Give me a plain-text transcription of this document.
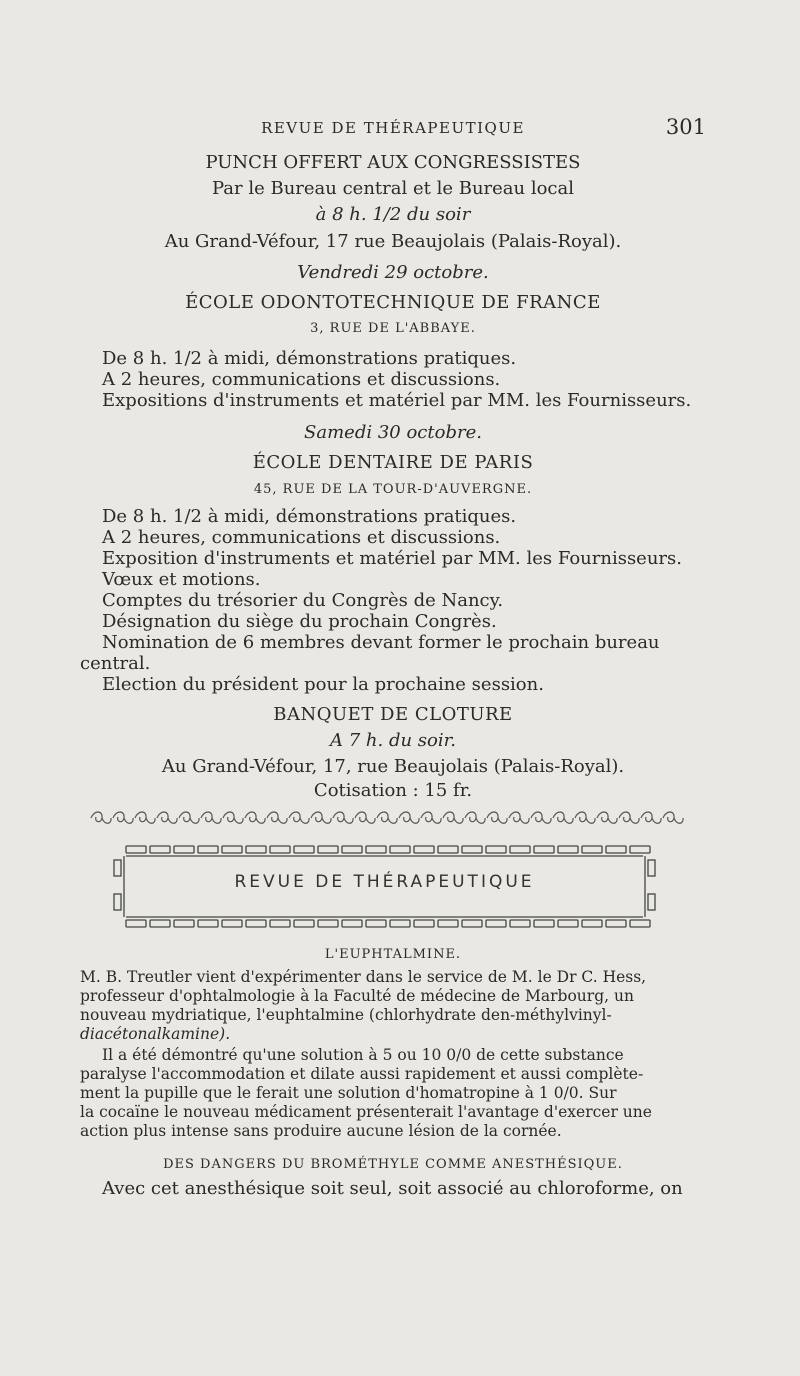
REVUE DE THÉRAPEUTIQUE	301
PUNCH OFFERT AUX CONGRESSISTES
Par le Bureau central et le Bureau local
à 8 h. 1/2 du soir
Au Grand-Véfour, 17 rue Beaujolais (Palais-Royal).
Vendredi 29 octobre.
ÉCOLE ODONTOTECHNIQUE DE FRANCE
3, RUE DE L'ABBAYE.
De 8 h. 1/2 à midi, démonstrations pratiques.
A 2 heures, communications et discussions.
Expositions d'instruments et matériel par MM. les Fournisseurs.
Samedi 30 octobre.
ÉCOLE DENTAIRE DE PARIS
45, RUE DE LA TOUR-D'AUVERGNE.
De 8 h. 1/2 à midi, démonstrations pratiques.
A 2 heures, communications et discussions.
Exposition d'instruments et matériel par MM. les Fournisseurs.
Vœux et motions.
Comptes du trésorier du Congrès de Nancy.
Désignation du siège du prochain Congrès.
Nomination de 6 membres devant former le prochain bureau
central.
Election du président pour la prochaine session.
BANQUET DE CLOTURE
A 7 h. du soir.
Au Grand-Véfour, 17, rue Beaujolais (Palais-Royal).
Cotisation : 15 fr.
REVUE DE THÉRAPEUTIQUE
L'EUPHTALMINE.
M. B. Treutler vient d'expérimenter dans le service de M. le Dr C. Hess,
professeur d'ophtalmologie à la Faculté de médecine de Marbourg, un
nouveau mydriatique, l'euphtalmine (chlorhydrate den-méthylvinyl-
diacétonalkamine).
Il a été démontré qu'une solution à 5 ou 10 0/0 de cette substance
paralyse l'accommodation et dilate aussi rapidement et aussi complète-
ment la pupille que le ferait une solution d'homatropine à 1 0/0. Sur
la cocaïne le nouveau médicament présenterait l'avantage d'exercer une
action plus intense sans produire aucune lésion de la cornée.
DES DANGERS DU BROMÉTHYLE COMME ANESTHÉSIQUE.
Avec cet anesthésique soit seul, soit associé au chloroforme, on
